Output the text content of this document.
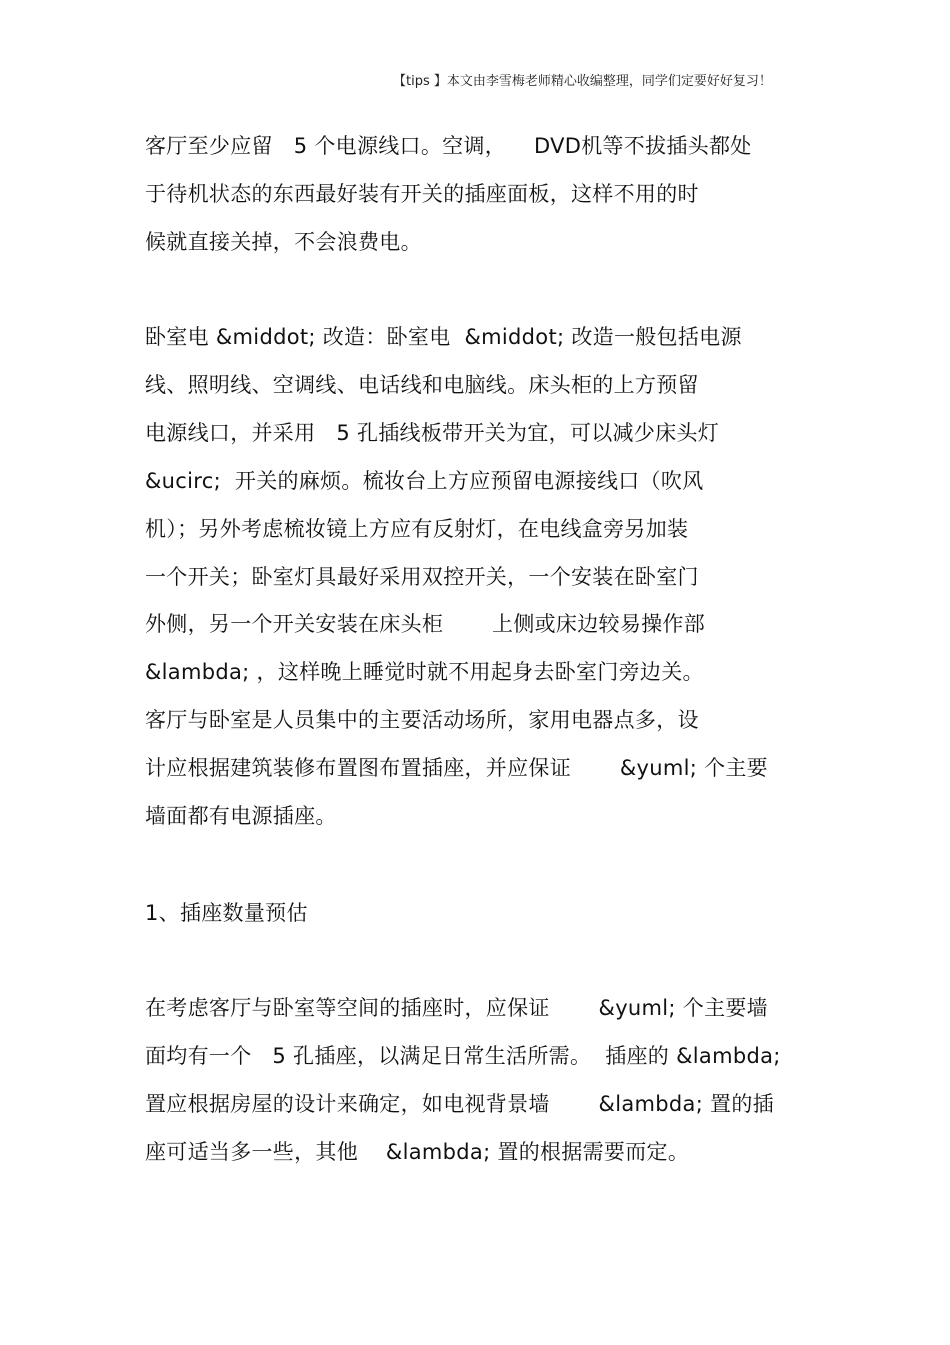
【tips 】本文由李雪梅老师精心收编整理，同学们定要好好复习！
客厅至少应留   5 个电源线口。空调，    DVD机等不拔插头都处
于待机状态的东西最好装有开关的插座面板，这样不用的时
候就直接关掉，不会浪费电。
卧室电 &middot; 改造：卧室电  &middot; 改造一般包括电源
线、照明线、空调线、电话线和电脑线。床头柜的上方预留
电源线口，并采用   5 孔插线板带开关为宜，可以减少床头灯
&ucirc;  开关的麻烦。梳妆台上方应预留电源接线口（吹风
机）；另外考虑梳妆镜上方应有反射灯，在电线盒旁另加装
一个开关；卧室灯具最好采用双控开关，一个安装在卧室门
外侧，另一个开关安装在床头柜       上侧或床边较易操作部
&lambda; ，这样晚上睡觉时就不用起身去卧室门旁边关。
客厅与卧室是人员集中的主要活动场所，家用电器点多，设
计应根据建筑装修布置图布置插座，并应保证       &yuml; 个主要
墙面都有电源插座。
1、插座数量预估
在考虑客厅与卧室等空间的插座时，应保证       &yuml; 个主要墙
面均有一个   5 孔插座，以满足日常生活所需。  插座的 &lambda;
置应根据房屋的设计来确定，如电视背景墙       &lambda; 置的插
座可适当多一些，其他    &lambda; 置的根据需要而定。
